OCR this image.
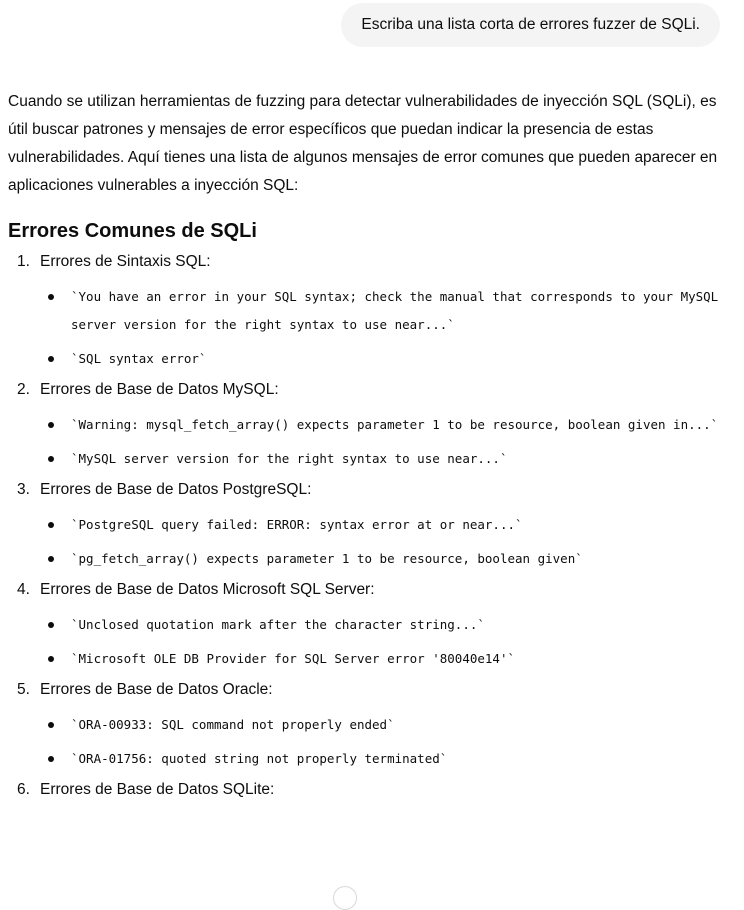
Escriba una lista corta de errores fuzzer de SQLi.

Cuando se utilizan herramientas de fuzzing para detectar vulnerabilidades de inyección SQL (SQLi), es útil buscar patrones y mensajes de error específicos que puedan indicar la presencia de estas vulnerabilidades. Aquí tienes una lista de algunos mensajes de error comunes que pueden aparecer en aplicaciones vulnerables a inyección SQL:

Errores Comunes de SQLi
1. Errores de Sintaxis SQL:
`You have an error in your SQL syntax; check the manual that corresponds to your MySQL server version for the right syntax to use near...`
`SQL syntax error`
2. Errores de Base de Datos MySQL:
`Warning: mysql_fetch_array() expects parameter 1 to be resource, boolean given in...`
`MySQL server version for the right syntax to use near...`
3. Errores de Base de Datos PostgreSQL:
`PostgreSQL query failed: ERROR: syntax error at or near...`
`pg_fetch_array() expects parameter 1 to be resource, boolean given`
4. Errores de Base de Datos Microsoft SQL Server:
`Unclosed quotation mark after the character string...`
`Microsoft OLE DB Provider for SQL Server error '80040e14'`
5. Errores de Base de Datos Oracle:
`ORA-00933: SQL command not properly ended`
`ORA-01756: quoted string not properly terminated`
6. Errores de Base de Datos SQLite:
